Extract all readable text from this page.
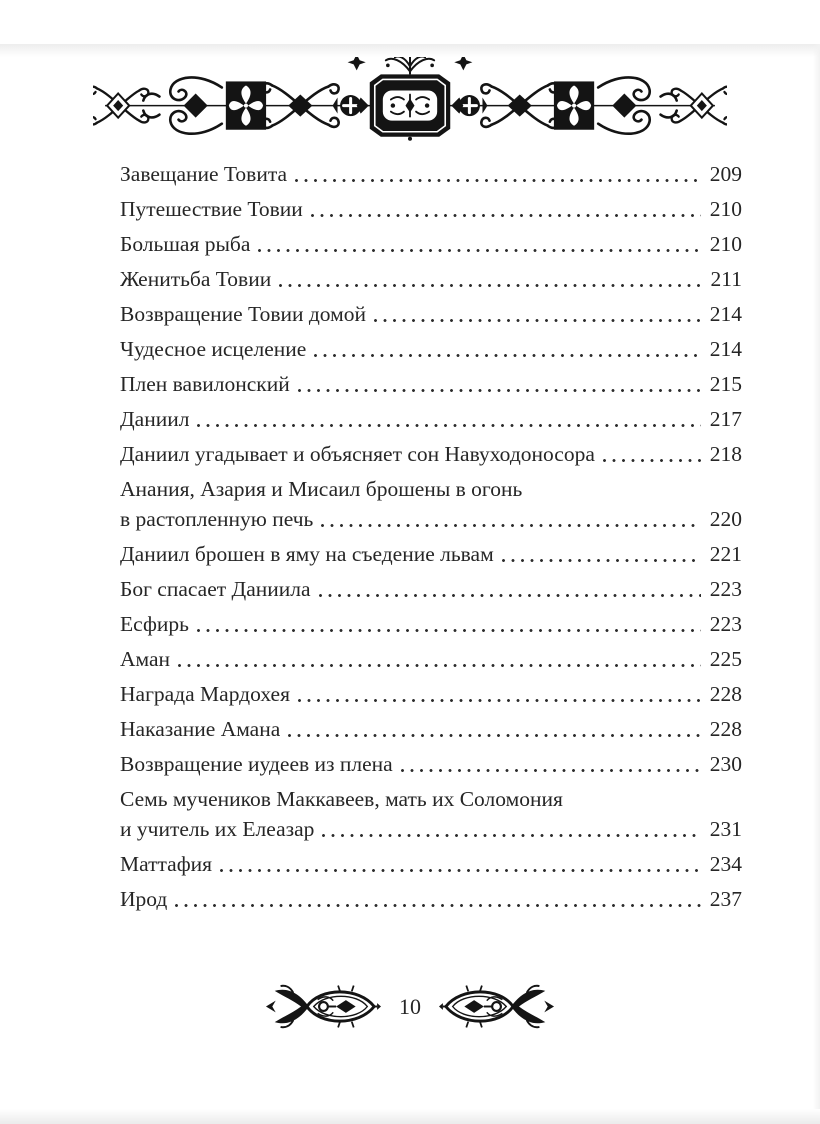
Завещание Товита	209
Путешествие Товии	210
Большая рыба	210
Женитьба Товии	211
Возвращение Товии домой	214
Чудесное исцеление	214
Плен вавилонский	215
Даниил	217
Даниил угадывает и объясняет сон Навуходоносора	218
Анания, Азария и Мисаил брошены в огонь
в растопленную печь	220
Даниил брошен в яму на съедение львам	221
Бог спасает Даниила	223
Есфирь	223
Аман	225
Награда Мардохея	228
Наказание Амана	228
Возвращение иудеев из плена	230
Семь мучеников Маккавеев, мать их Соломония
и учитель их Елеазар	231
Маттафия	234
Ирод	237
10
